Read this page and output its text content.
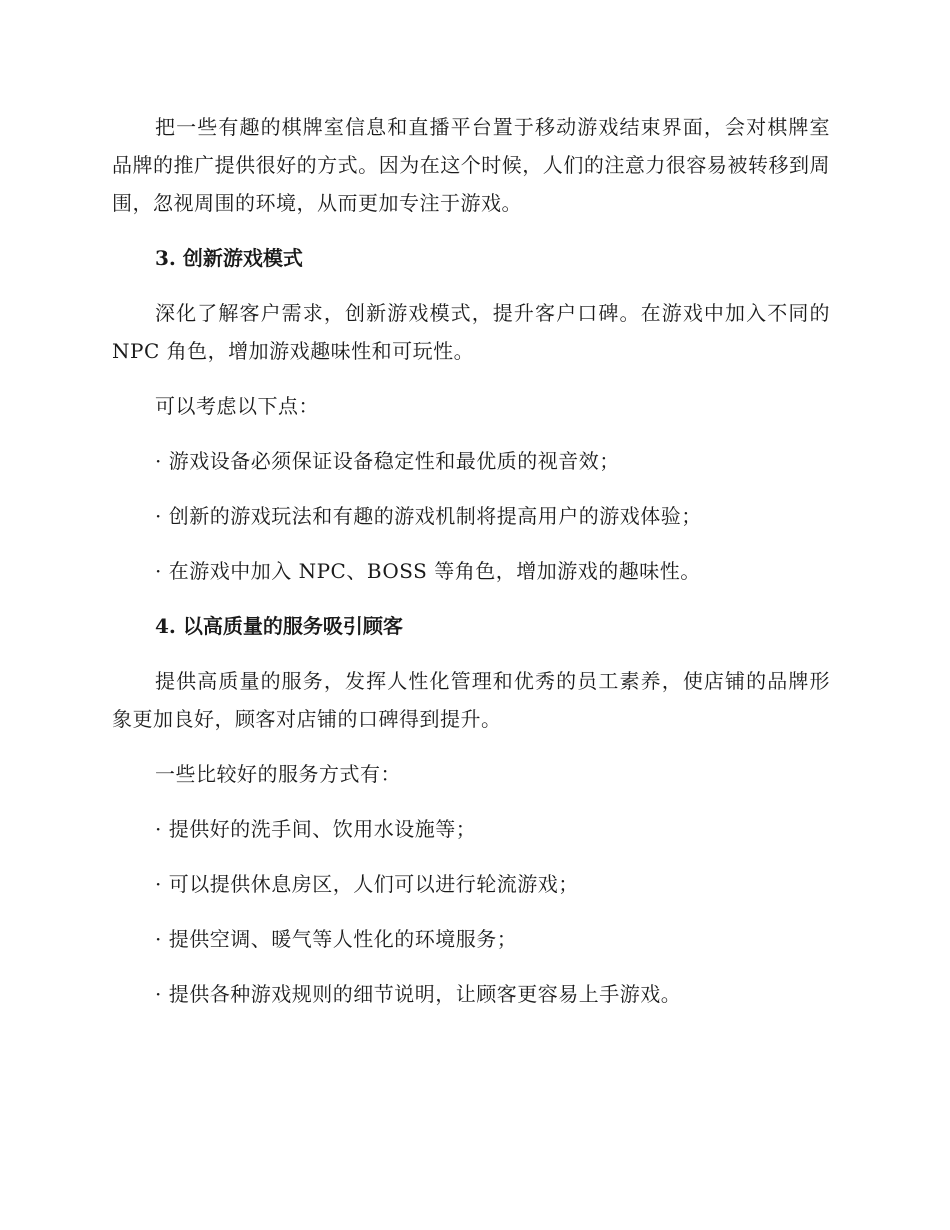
把一些有趣的棋牌室信息和直播平台置于移动游戏结束界面，会对棋牌室品牌的推广提供很好的方式。因为在这个时候，人们的注意力很容易被转移到周围，忽视周围的环境，从而更加专注于游戏。

3. 创新游戏模式

深化了解客户需求，创新游戏模式，提升客户口碑。在游戏中加入不同的 NPC 角色，增加游戏趣味性和可玩性。

可以考虑以下点：

· 游戏设备必须保证设备稳定性和最优质的视音效；

· 创新的游戏玩法和有趣的游戏机制将提高用户的游戏体验；

· 在游戏中加入 NPC、BOSS 等角色，增加游戏的趣味性。

4. 以高质量的服务吸引顾客

提供高质量的服务，发挥人性化管理和优秀的员工素养，使店铺的品牌形象更加良好，顾客对店铺的口碑得到提升。

一些比较好的服务方式有：

· 提供好的洗手间、饮用水设施等；

· 可以提供休息房区，人们可以进行轮流游戏；

· 提供空调、暖气等人性化的环境服务；

· 提供各种游戏规则的细节说明，让顾客更容易上手游戏。
